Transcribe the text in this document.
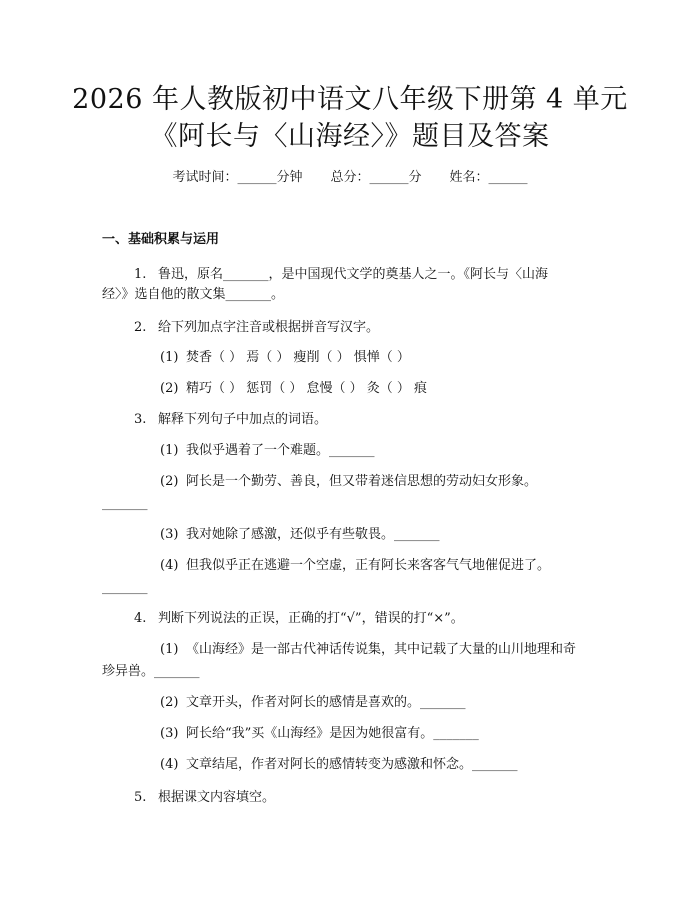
2026 年人教版初中语文八年级下册第 4 单元
《阿长与〈山海经〉》题目及答案
考试时间：______分钟 总分：______分 姓名：______
一、基础积累与运用
1. 鲁迅，原名_______，是中国现代文学的奠基人之一。《阿长与〈山海
经〉》选自他的散文集_______。
2. 给下列加点字注音或根据拼音写汉字。
(1) 焚香（ ） 焉（ ） 瘦削（ ） 惧惮（ ）
(2) 精巧（ ） 惩罚（ ） 怠慢（ ） 灸（ ） 痕
3. 解释下列句子中加点的词语。
(1) 我似乎遇着了一个难题。_______
(2) 阿长是一个勤劳、善良，但又带着迷信思想的劳动妇女形象。
_______
(3) 我对她除了感激，还似乎有些敬畏。_______
(4) 但我似乎正在逃避一个空虚，正有阿长来客客气气地催促进了。
_______
4. 判断下列说法的正误，正确的打“√”，错误的打“×”。
(1) 《山海经》是一部古代神话传说集，其中记载了大量的山川地理和奇
珍异兽。_______
(2) 文章开头，作者对阿长的感情是喜欢的。_______
(3) 阿长给“我”买《山海经》是因为她很富有。_______
(4) 文章结尾，作者对阿长的感情转变为感激和怀念。_______
5. 根据课文内容填空。
